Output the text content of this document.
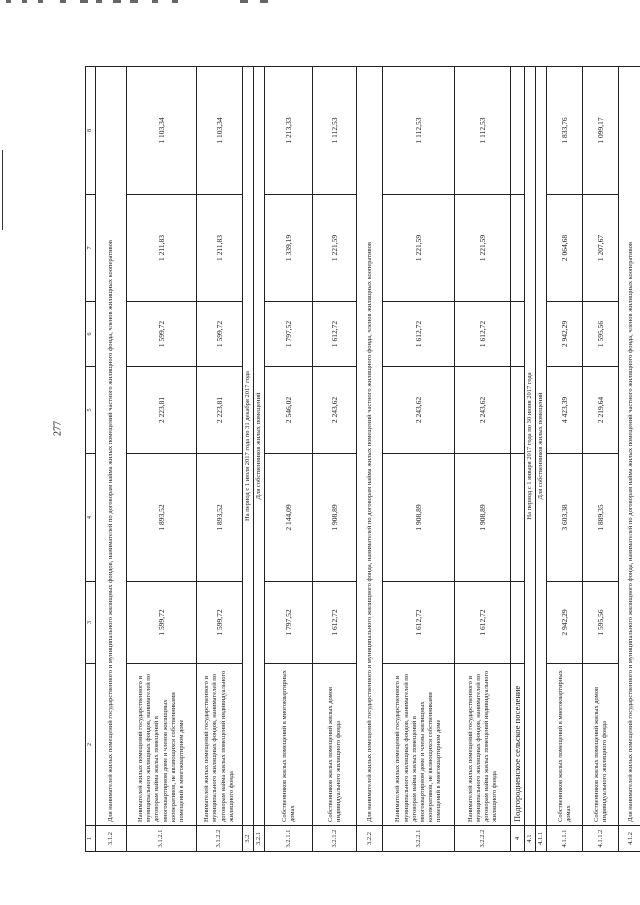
277
1	2	3	4	5	6	7	8
3.1.2	Для нанимателей жилых помещений государственного и муниципального жилищных фондов, нанимателей по договорам найма жилых помещений частного жилищного фонда, членов жилищных кооперативов						
3.1.2.1	Нанимателей жилых помещений государственного и муниципального жилищных фондов, нанимателей по договорам найма жилых помещений в многоквартирном доме и членов жилищных кооперативов, не являющихся собственниками помещений в многоквартирном доме	1 599,72	1 893,52	2 223,81	1 599,72	1 211,83	1 103,34
3.1.2.2	Нанимателей жилых помещений государственного и муниципального жилищных фондов, нанимателей по договорам найма жилых помещений индивидуального жилищного фонда	1 599,72	1 893,52	2 223,81	1 599,72	1 211,83	1 103,34
3.2	На период с 1 июля 2017 года по 31 декабря 2017 года						
3.2.1	Для собственников жилых помещений						
3.2.1.1	Собственников жилых помещений в многоквартирных домах	1 797,52	2 144,09	2 546,02	1 797,52	1 339,19	1 213,33
3.2.1.2	Собственников жилых помещений жилых домов индивидуального жилищного фонда	1 612,72	1 908,89	2 243,62	1 612,72	1 221,59	1 112,53
3.2.2	Для нанимателей жилых помещений государственного и муниципального жилищного фонда, нанимателей по договорам найма жилых помещений частного жилищного фонда, членов жилищных кооперативов						
3.2.2.1	Нанимателей жилых помещений государственного и муниципального жилищных фондов, нанимателей по договорам найма жилых помещений в многоквартирном доме и члены жилищных кооперативов, не являющихся собственниками помещений в многоквартирном доме	1 612,72	1 908,89	2 243,62	1 612,72	1 221,59	1 112,53
3.2.2.2	Нанимателей жилых помещений государственного и муниципального жилищных фондов, нанимателей по договорам найма жилых помещений индивидуального жилищного фонда	1 612,72	1 908,89	2 243,62	1 612,72	1 221,59	1 112,53
4	Подгородненское сельское поселение						
4.1	На период с 1 января 2017 года по 30 июня 2017 года						
4.1.1	Для собственников жилых помещений						
4.1.1.1	Собственников жилых помещений в многоквартирных домах	2 942,29	3 603,38	4 423,39	2 942,29	2 064,68	1 833,76
4.1.1.2	Собственников жилых помещений жилых домов индивидуального жилищного фонда	1 595,56	1 889,35	2 219,64	1 595,56	1 207,67	1 099,17
4.1.2	Для нанимателей жилых помещений государственного и муниципального жилищного фонда, нанимателей по договорам найма жилых помещений частного жилищного фонда, членов жилищных кооперативов						
